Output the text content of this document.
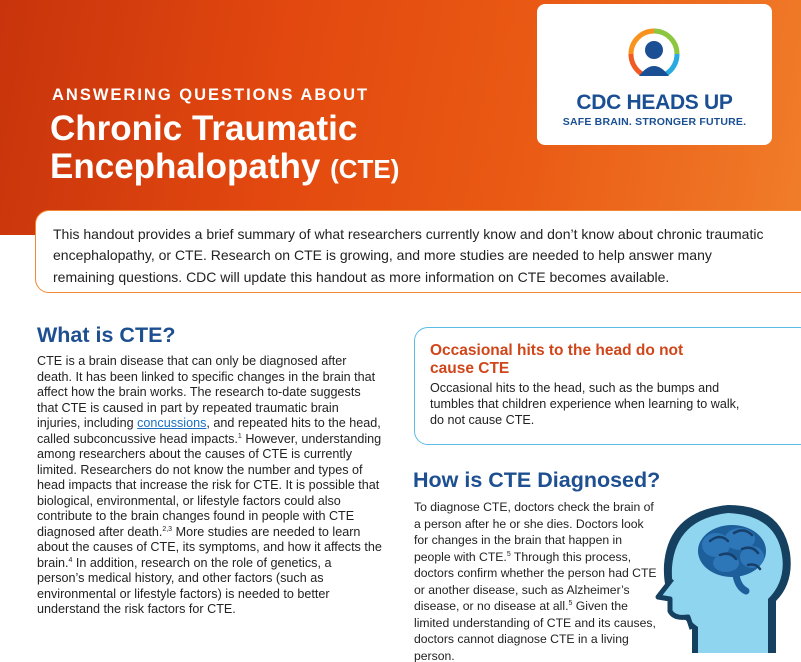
ANSWERING QUESTIONS ABOUT
Chronic Traumatic
Encephalopathy (CTE)
CDC HEADS UP
SAFE BRAIN. STRONGER FUTURE.

This handout provides a brief summary of what researchers currently know and don’t know about chronic traumatic encephalopathy, or CTE. Research on CTE is growing, and more studies are needed to help answer many remaining questions. CDC will update this handout as more information on CTE becomes available.

What is CTE?

CTE is a brain disease that can only be diagnosed after death. It has been linked to specific changes in the brain that affect how the brain works. The research to-date suggests that CTE is caused in part by repeated traumatic brain injuries, including concussions, and repeated hits to the head, called subconcussive head impacts.$^1$ However, understanding among researchers about the causes of CTE is currently limited. Researchers do not know the number and types of head impacts that increase the risk for CTE. It is possible that biological, environmental, or lifestyle factors could also contribute to the brain changes found in people with CTE diagnosed after death.$^{2,3}$ More studies are needed to learn about the causes of CTE, its symptoms, and how it affects the brain.$^4$ In addition, research on the role of genetics, a person’s medical history, and other factors (such as environmental or lifestyle factors) is needed to better understand the risk factors for CTE.

Occasional hits to the head do not cause CTE
Occasional hits to the head, such as the bumps and tumbles that children experience when learning to walk, do not cause CTE.
How is CTE Diagnosed?

To diagnose CTE, doctors check the brain of a person after he or she dies. Doctors look for changes in the brain that happen in people with CTE.$^5$ Through this process, doctors confirm whether the person had CTE or another disease, such as Alzheimer’s disease, or no disease at all.$^5$ Given the limited understanding of CTE and its causes, doctors cannot diagnose CTE in a living person.
